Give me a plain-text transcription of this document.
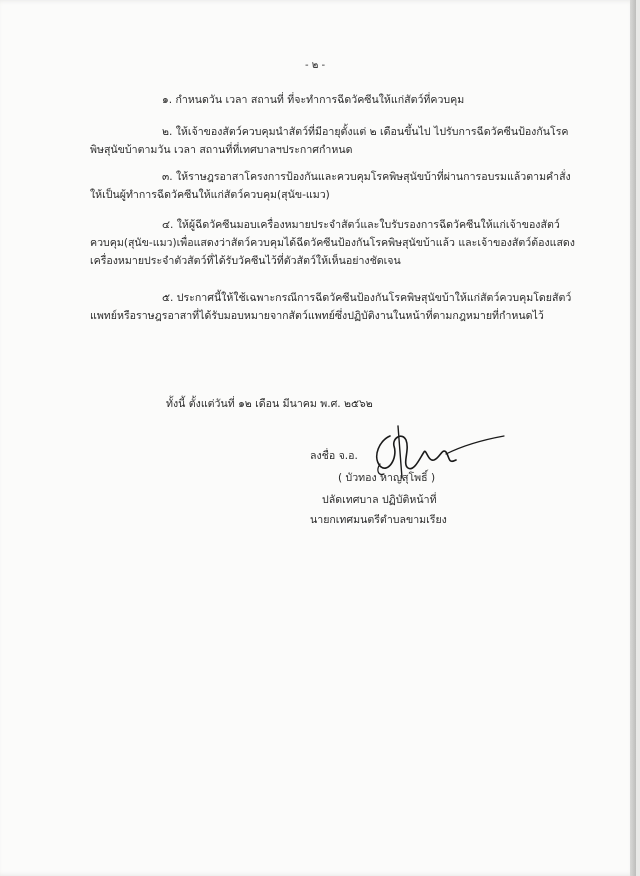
- ๒ -
๑. กำหนดวัน เวลา สถานที่ ที่จะทำการฉีดวัคซีนให้แก่สัตว์ที่ควบคุม
๒. ให้เจ้าของสัตว์ควบคุมนำสัตว์ที่มีอายุตั้งแต่ ๒ เดือนขึ้นไป ไปรับการฉีดวัคซีนป้องกันโรค
พิษสุนัขบ้าตามวัน เวลา สถานที่ที่เทศบาลฯประกาศกำหนด
๓. ให้ราษฎรอาสาโครงการป้องกันและควบคุมโรคพิษสุนัขบ้าที่ผ่านการอบรมแล้วตามคำสั่ง
ให้เป็นผู้ทำการฉีดวัคซีนให้แก่สัตว์ควบคุม(สุนัข-แมว)
๔. ให้ผู้ฉีดวัคซีนมอบเครื่องหมายประจำสัตว์และใบรับรองการฉีดวัคซีนให้แก่เจ้าของสัตว์
ควบคุม(สุนัข-แมว)เพื่อแสดงว่าสัตว์ควบคุมได้ฉีดวัคซีนป้องกันโรคพิษสุนัขบ้าแล้ว และเจ้าของสัตว์ต้องแสดง
เครื่องหมายประจำตัวสัตว์ที่ได้รับวัคซีนไว้ที่ตัวสัตว์ให้เห็นอย่างชัดเจน
๕. ประกาศนี้ให้ใช้เฉพาะกรณีการฉีดวัคซีนป้องกันโรคพิษสุนัขบ้าให้แก่สัตว์ควบคุมโดยสัตว์
แพทย์หรือราษฎรอาสาที่ได้รับมอบหมายจากสัตว์แพทย์ซึ่งปฏิบัติงานในหน้าที่ตามกฎหมายที่กำหนดไว้
ทั้งนี้ ตั้งแต่วันที่ ๑๒ เดือน มีนาคม พ.ศ. ๒๕๖๒
ลงชื่อ จ.อ.
( บัวทอง หาญสุโพธิ์ )
ปลัดเทศบาล ปฏิบัติหน้าที่
นายกเทศมนตรีตำบลขามเรียง
